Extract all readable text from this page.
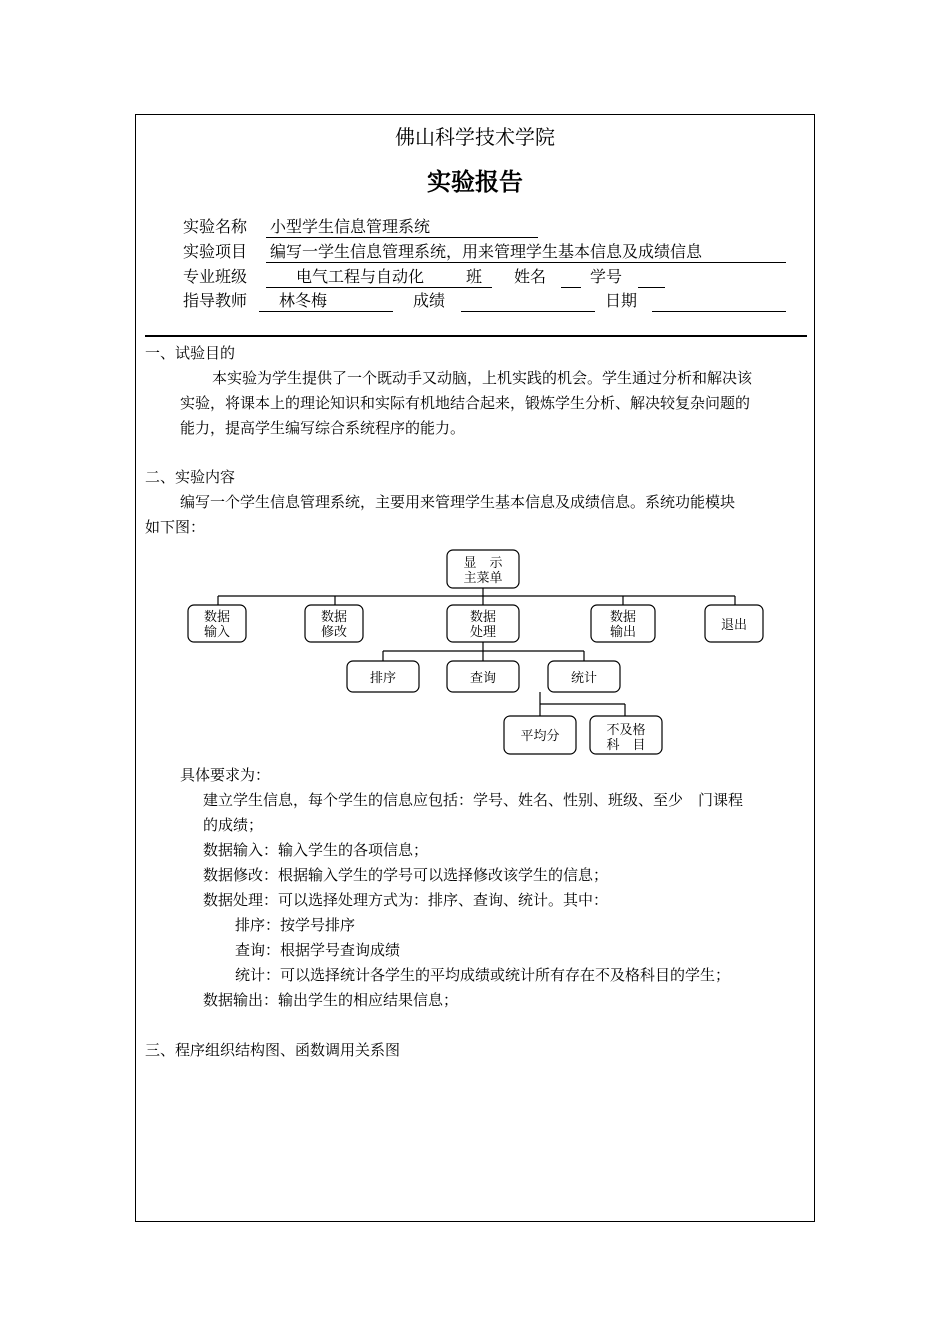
佛山科学技术学院
实验报告
实验名称 小型学生信息管理系统
实验项目 编写一学生信息管理系统，用来管理学生基本信息及成绩信息
专业班级	电气工程与自动化	班 姓名	学号
指导教师 林冬梅	成绩	日期
一、试验目的
本实验为学生提供了一个既动手又动脑，上机实践的机会。学生通过分析和解决该
实验，将课本上的理论知识和实际有机地结合起来，锻炼学生分析、解决较复杂问题的
能力，提高学生编写综合系统程序的能力。
二、实验内容
编写一个学生信息管理系统，主要用来管理学生基本信息及成绩信息。系统功能模块
如下图：
显　示
主菜单
数据
输入
数据
修改
数据
处理
数据
输出	退出
排序	查询	统计
平均分	不及格
科　目
具体要求为：
建立学生信息，每个学生的信息应包括：学号、姓名、性别、班级、至少　门课程
的成绩；
数据输入：输入学生的各项信息；
数据修改：根据输入学生的学号可以选择修改该学生的信息；
数据处理：可以选择处理方式为：排序、查询、统计。其中：
排序：按学号排序
查询：根据学号查询成绩
统计：可以选择统计各学生的平均成绩或统计所有存在不及格科目的学生；
数据输出：输出学生的相应结果信息；
三、程序组织结构图、函数调用关系图
